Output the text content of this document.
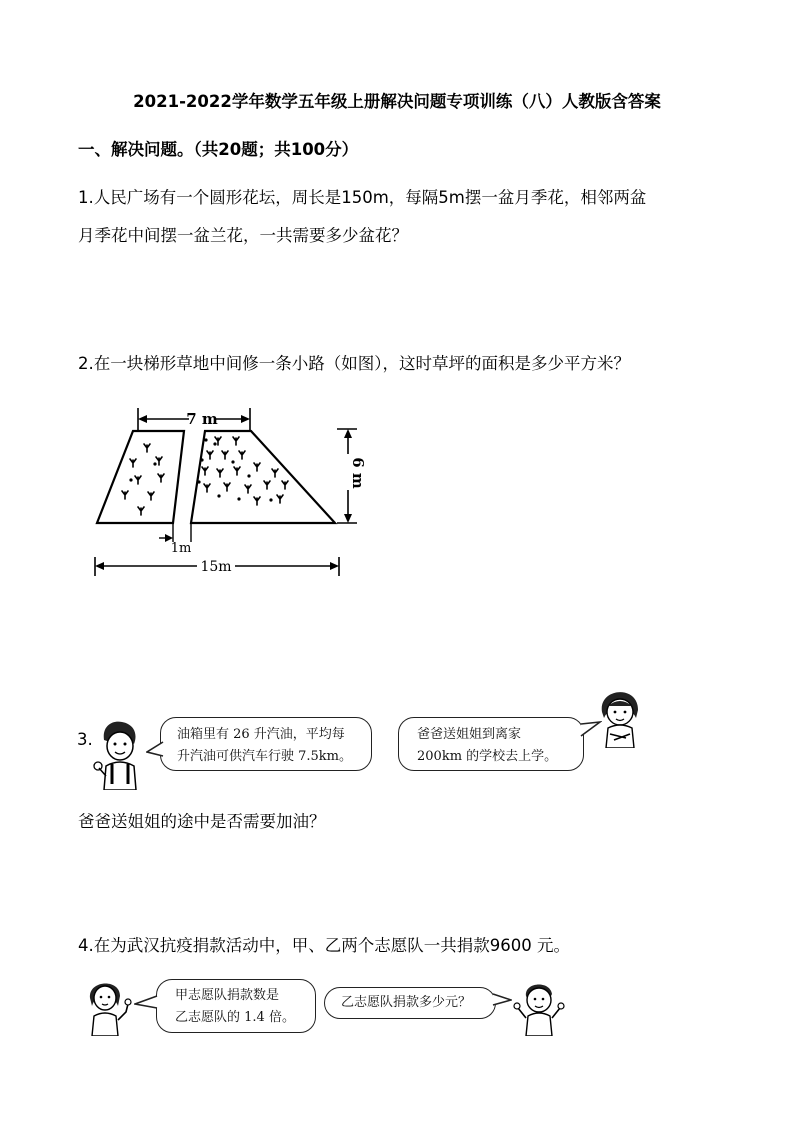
2021-2022学年数学五年级上册解决问题专项训练（八）人教版含答案
一、解决问题。（共20题；共100分）
1.人民广场有一个圆形花坛，周长是150m，每隔5m摆一盆月季花，相邻两盆
月季花中间摆一盆兰花，一共需要多少盆花？
2.在一块梯形草地中间修一条小路（如图），这时草坪的面积是多少平方米？
7 m
6 m
1m
15m
3.	油箱里有 26 升汽油，平均每
升汽油可供汽车行驶 7.5km。
爸爸送姐姐到离家
200km 的学校去上学。
爸爸送姐姐的途中是否需要加油？
4.在为武汉抗疫捐款活动中，甲、乙两个志愿队一共捐款9600 元。
甲志愿队捐款数是
乙志愿队的 1.4 倍。
乙志愿队捐款多少元？
